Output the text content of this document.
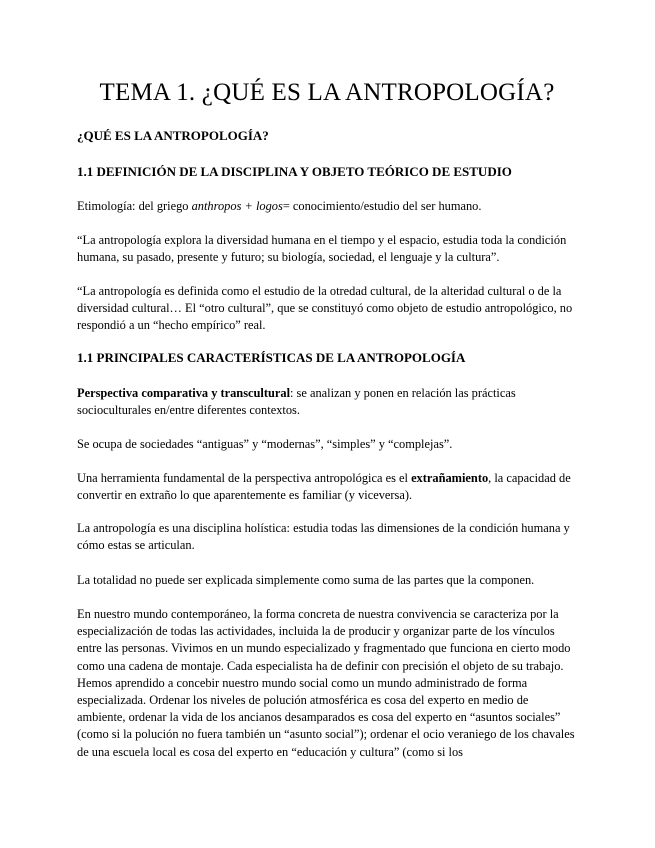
TEMA 1. ¿QUÉ ES LA ANTROPOLOGÍA?
¿QUÉ ES LA ANTROPOLOGÍA?
1.1 DEFINICIÓN DE LA DISCIPLINA Y OBJETO TEÓRICO DE ESTUDIO
Etimología: del griego anthropos + logos= conocimiento/estudio del ser humano.
“La antropología explora la diversidad humana en el tiempo y el espacio, estudia toda la condición humana, su pasado, presente y futuro; su biología, sociedad, el lenguaje y la cultura”.
“La antropología es definida como el estudio de la otredad cultural, de la alteridad cultural o de la diversidad cultural… El “otro cultural”, que se constituyó como objeto de estudio antropológico, no respondió a un “hecho empírico” real.
1.1 PRINCIPALES CARACTERÍSTICAS DE LA ANTROPOLOGÍA
Perspectiva comparativa y transcultural: se analizan y ponen en relación las prácticas socioculturales en/entre diferentes contextos.
Se ocupa de sociedades “antiguas” y “modernas”, “simples” y “complejas”.
Una herramienta fundamental de la perspectiva antropológica es el extrañamiento, la capacidad de convertir en extraño lo que aparentemente es familiar (y viceversa).
La antropología es una disciplina holística: estudia todas las dimensiones de la condición humana y cómo estas se articulan.
La totalidad no puede ser explicada simplemente como suma de las partes que la componen.
En nuestro mundo contemporáneo, la forma concreta de nuestra convivencia se caracteriza por la especialización de todas las actividades, incluida la de producir y organizar parte de los vínculos entre las personas. Vivimos en un mundo especializado y fragmentado que funciona en cierto modo como una cadena de montaje. Cada especialista ha de definir con precisión el objeto de su trabajo. Hemos aprendido a concebir nuestro mundo social como un mundo administrado de forma especializada. Ordenar los niveles de polución atmosférica es cosa del experto en medio de ambiente, ordenar la vida de los ancianos desamparados es cosa del experto en “asuntos sociales” (como si la polución no fuera también un “asunto social”); ordenar el ocio veraniego de los chavales de una escuela local es cosa del experto en “educación y cultura” (como si los
